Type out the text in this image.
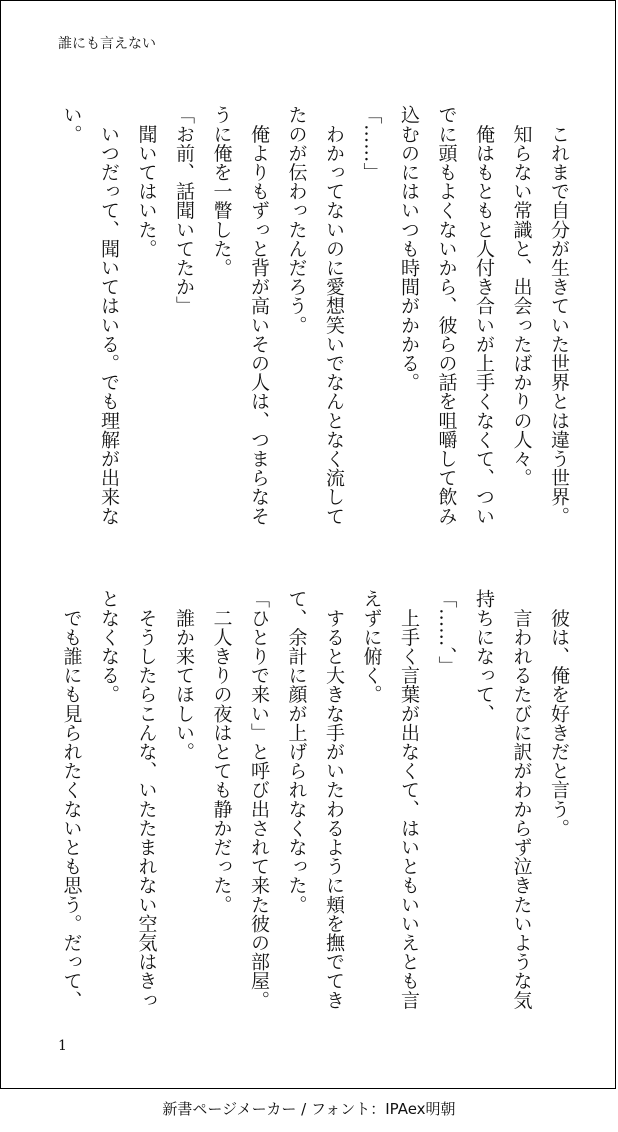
誰にも言えない
　これまで自分が生きていた世界とは違う世界。
　知らない常識と、出会ったばかりの人々。
　俺はもともと人付き合いが上手くなくて、つい
でに頭もよくないから、彼らの話を咀嚼して飲み
込むのにはいつも時間がかかる。
「……」
　わかってないのに愛想笑いでなんとなく流して
たのが伝わったんだろう。
　俺よりもずっと背が高いその人は、つまらなそ
うに俺を一瞥した。
「お前、話聞いてたか」
　聞いてはいた。
　いつだって、聞いてはいる。でも理解が出来な
い。
　彼は、俺を好きだと言う。
　言われるたびに訳がわからず泣きたいような気
持ちになって、
「……、」
　上手く言葉が出なくて、はいともいいえとも言
えずに俯く。
　すると大きな手がいたわるように頬を撫でてき
て、余計に顔が上げられなくなった。
「ひとりで来い」と呼び出されて来た彼の部屋。
　二人きりの夜はとても静かだった。
　誰か来てほしい。
　そうしたらこんな、いたたまれない空気はきっ
となくなる。
　でも誰にも見られたくないとも思う。だって、
1
新書ページメーカー / フォント：IPAex明朝
